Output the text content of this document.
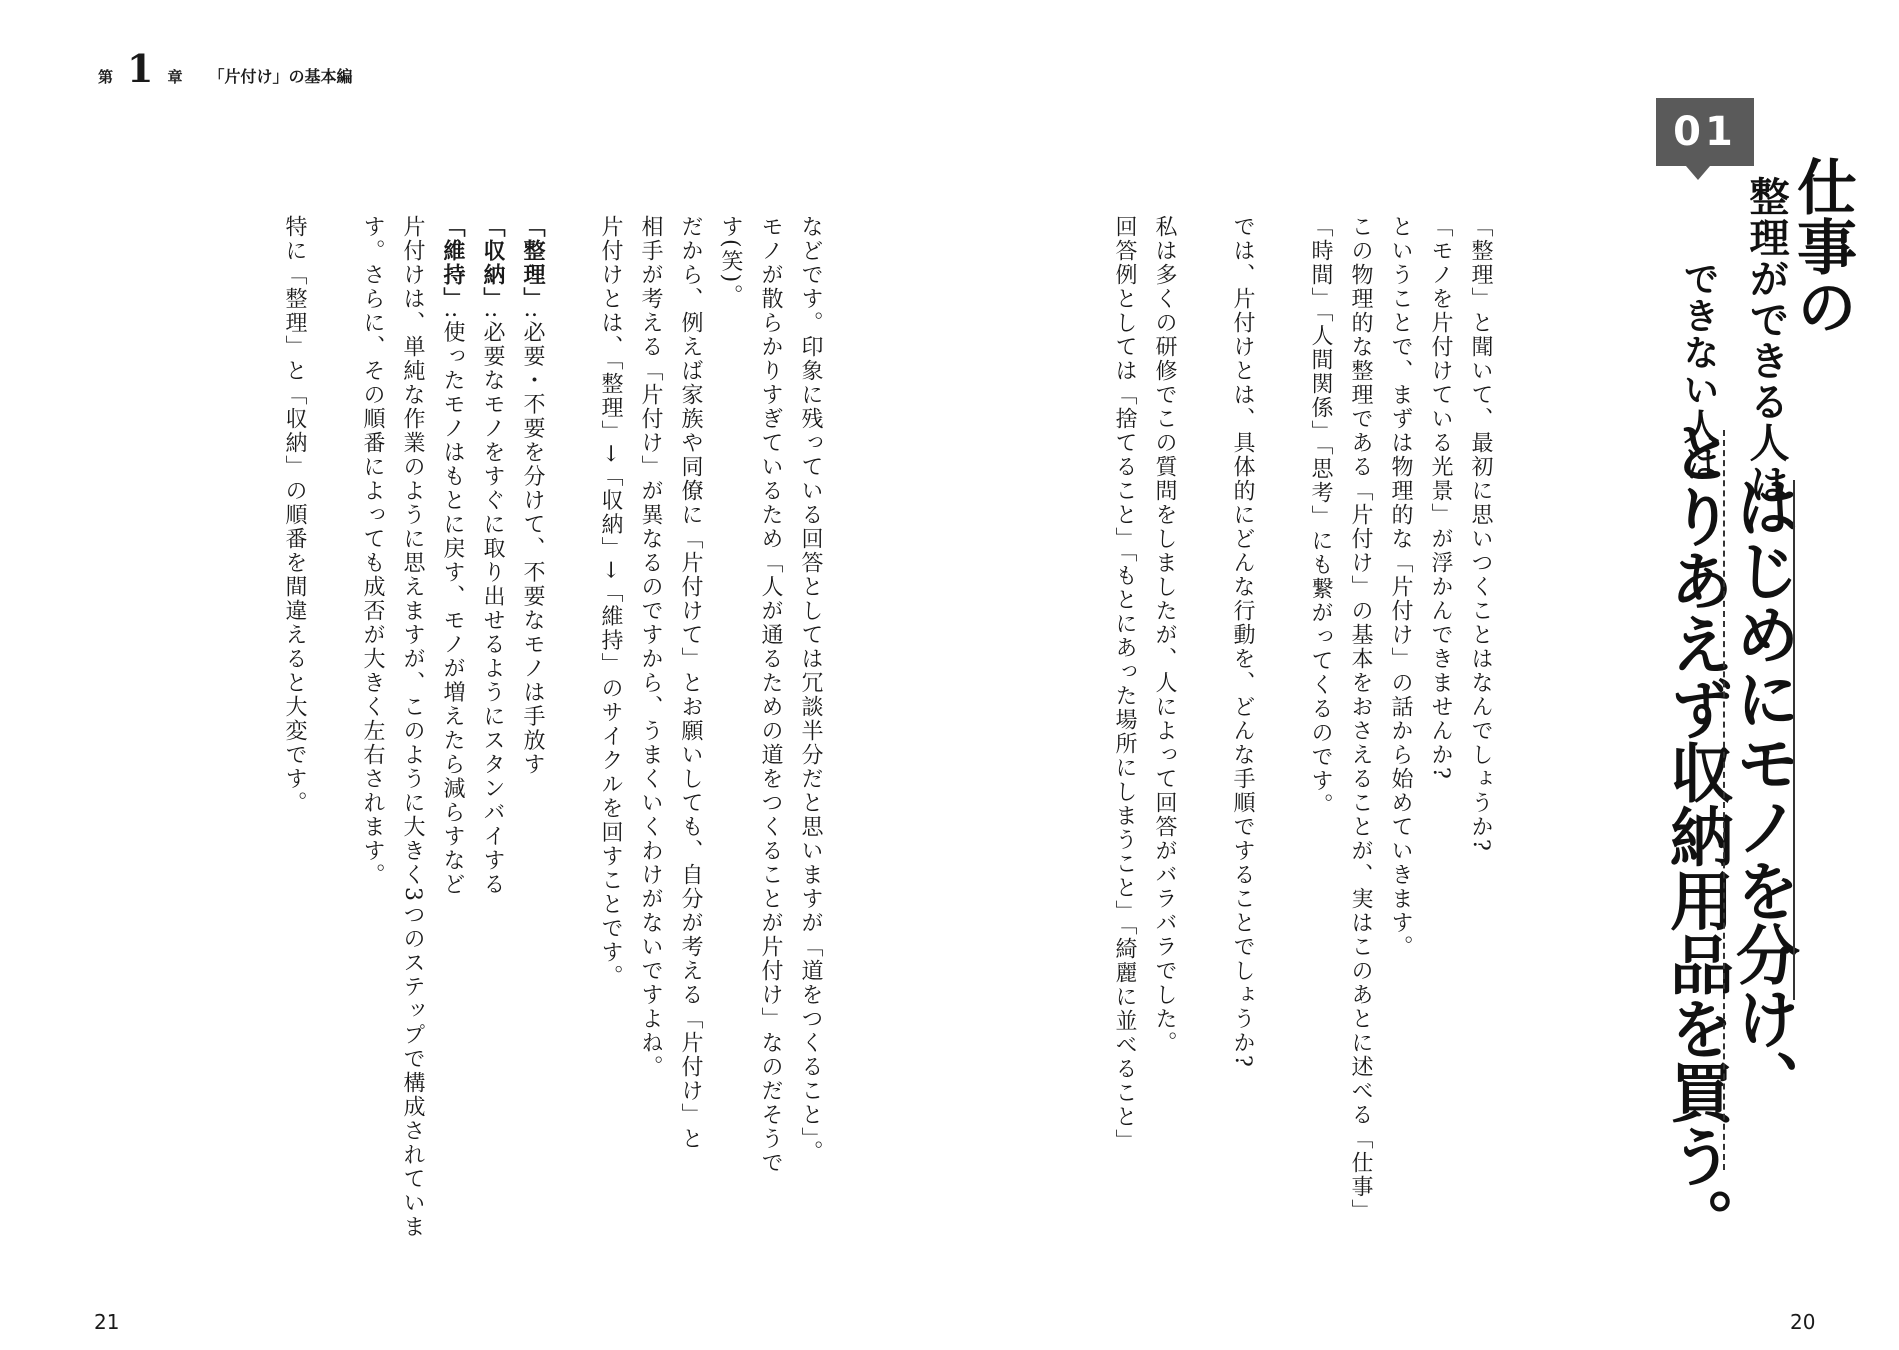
第 1 章 「片付け」の基本編
01
仕事の
整理ができる人は
はじめにモノを分け、
できない人は
とりあえず収納用品を買う。

「整理」と聞いて、最初に思いつくことはなんでしょうか?

「モノを片付けている光景」が浮かんできませんか?

ということで、まずは物理的な「片付け」の話から始めていきます。

この物理的な整理である「片付け」の基本をおさえることが、実はこのあとに述べる「仕事」「時間」「人間関係」「思考」にも繋がってくるのです。

では、片付けとは、具体的にどんな行動を、どんな手順ですることでしょうか?

私は多くの研修でこの質問をしましたが、人によって回答がバラバラでした。

回答例としては「捨てること」「もとにあった場所にしまうこと」「綺麗に並べること」

などです。印象に残っている回答としては冗談半分だと思いますが「道をつくること」。

モノが散らかりすぎているため「人が通るための道をつくることが片付け」なのだそうで

す(笑)。

だから、例えば家族や同僚に「片付けて」とお願いしても、自分が考える「片付け」と

相手が考える「片付け」が異なるのですから、うまくいくわけがないですよね。

片付けとは、「整理」→「収納」→「維持」のサイクルを回すことです。

「整理」:必要・不要を分けて、不要なモノは手放す

「収納」:必要なモノをすぐに取り出せるようにスタンバイする

「維持」:使ったモノはもとに戻す、モノが増えたら減らすなど

片付けは、単純な作業のように思えますが、このように大きく3つのステップで構成されています。さらに、その順番によっても成否が大きく左右されます。

特に「整理」と「収納」の順番を間違えると大変です。

21	20
